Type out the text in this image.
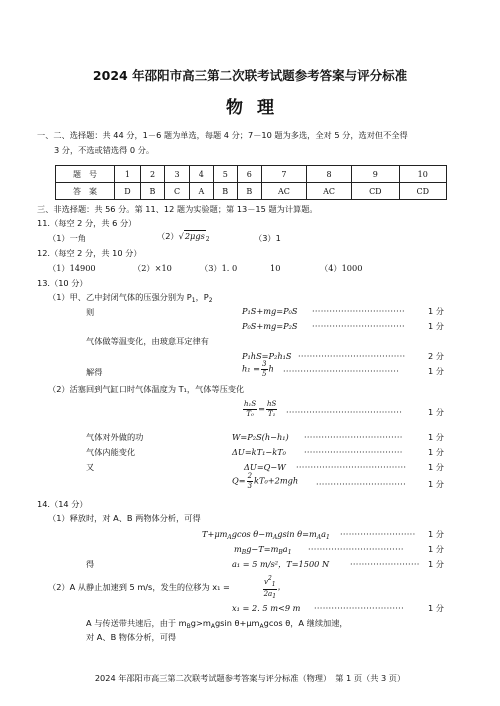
2024 年邵阳市高三第二次联考试题参考答案与评分标准
物理
一、二、选择题：共 44 分，1－6 题为单选，每题 4 分；7－10 题为多选，全对 5 分，选对但不全得
3 分，不选或错选得 0 分。
题　号	1	2	3	4	5	6	7	8	9	10
答　案	D	B	C	A	B	B	AC	AC	CD	CD
三、非选择题：共 56 分。第 11、12 题为实验题；第 13－15 题为计算题。
11.（每空 2 分，共 6 分）
（1）一角	（2）√2μgs$_2$	（3）1
12.（每空 2 分，共 10 分）
（1）14900	（2）×10	（3）1. 0	10	（4）1000
13.（10 分）
（1）甲、乙中封闭气体的压强分别为 $P_1$，$P_2$
则	P₁S+mg=P₀S ································	1 分
P₀S+mg=P₂S ································	1 分
气体做等温变化，由玻意耳定律有
P₁hS=P₂h₁S ·····································	2 分
解得	$h_1 = \frac{3}{5}$ h ········································	1 分
（2）活塞回到气缸口时气体温度为 T₁，气体等压变化
$\frac{\text{h₁S}}{\text{T₀}} = \frac{hS}{\text{T₁}}$ ········································	1 分
气体对外做的功	W=P₂S(h−h₁) ··································	1 分
气体内能变化	ΔU=kT₁−kT₀ ··································	1 分
又	ΔU=Q−W ······································	1 分
$Q= \frac{2}{3} kT_0+2mgh$ ·······························	1 分
14.（14 分）
（1）释放时，对 A、B 两物体分析，可得
$T+\mu m_Agcos$ $\theta-m_Agsin$ $\theta=m_Aa_1$ ·························· 1 分
$m_Bg-T=m_Ba_1$ ·································	1 分
得	a₁ = 5 m/s²，T=1500 N	························ 1 分
（2）A 从静止加速到 5 m/s，发生的位移为 x₁ =	$\frac{v21}{2a1}$ ，
x₁ = 2. 5 m<9 m ·······························	1 分
A 与传送带共速后，由于 $m_Bg>m_Agsin$ $\theta+\mu m_Agcos$ θ，A 继续加速，
对 A、B 物体分析，可得
2024 年邵阳市高三第二次联考试题参考答案与评分标准（物理）　第 1 页（共 3 页）
